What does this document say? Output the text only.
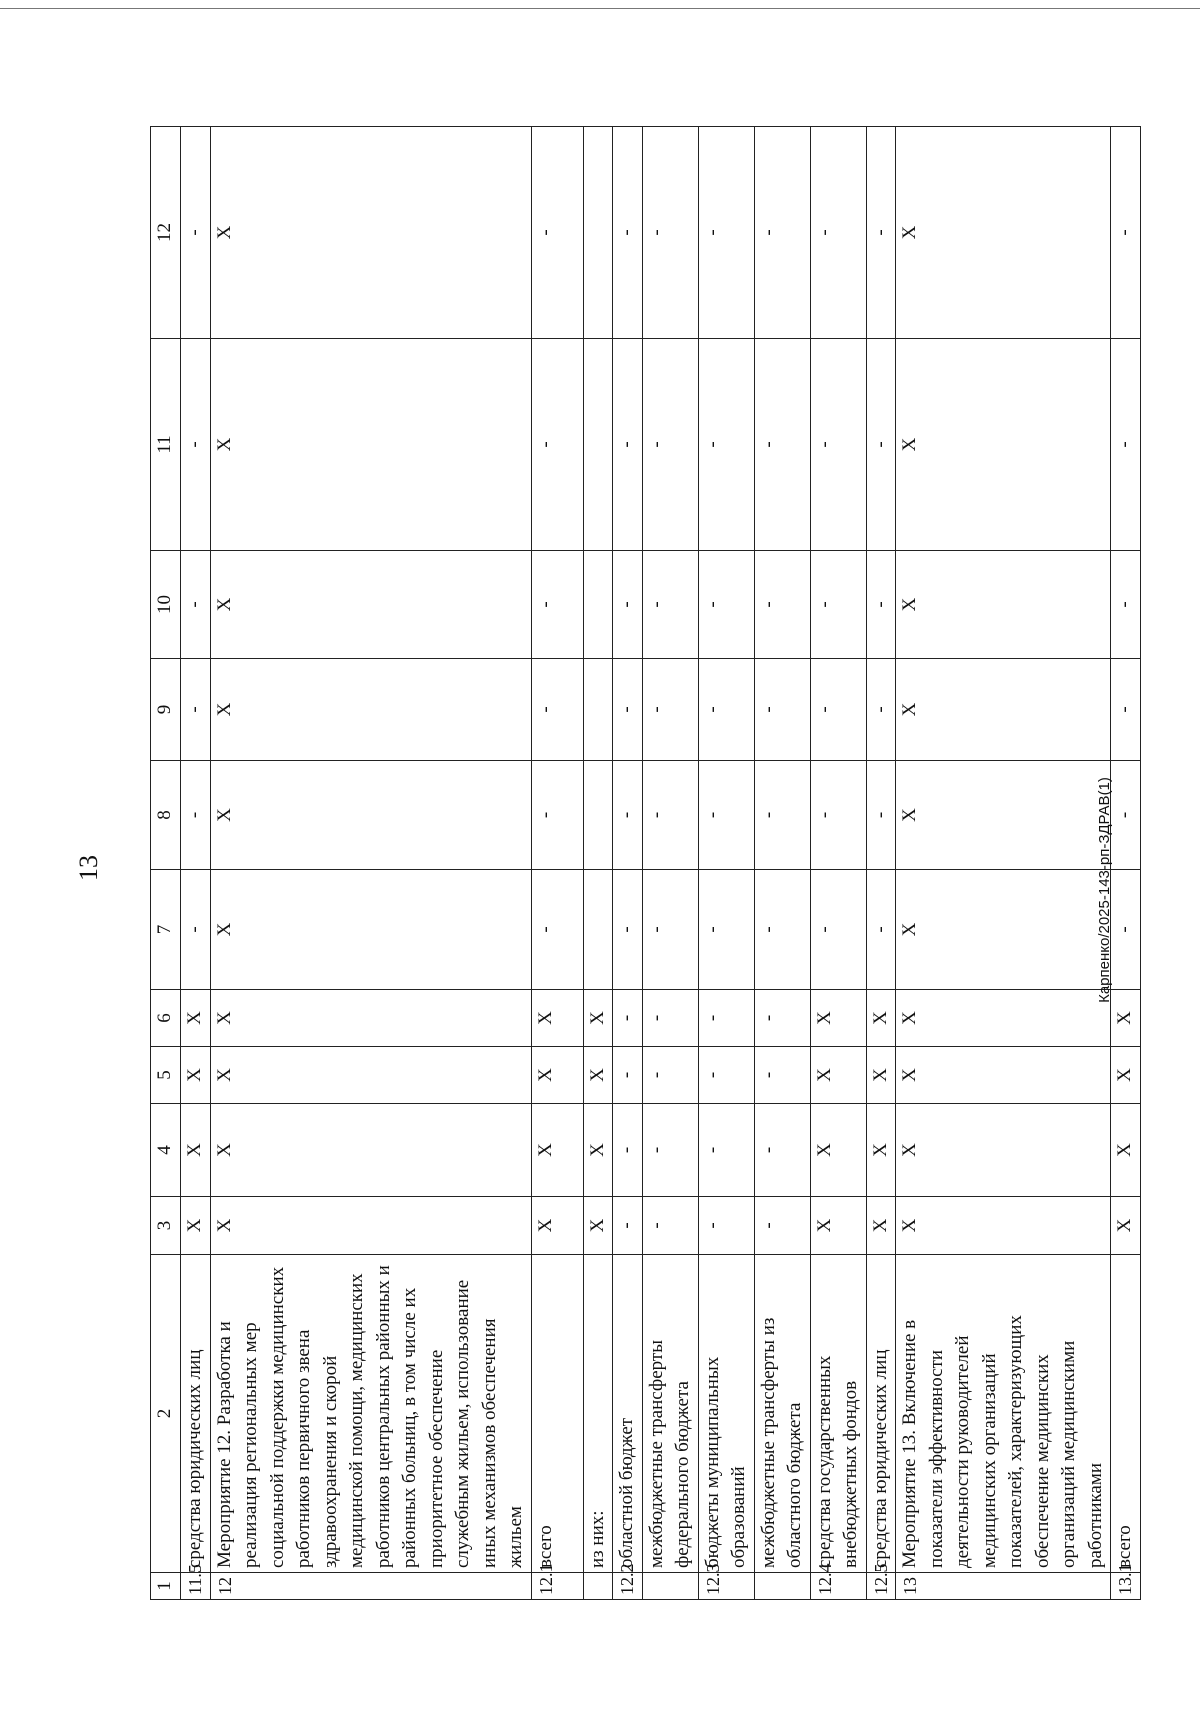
13
1	2	3	4	5	6	7	8	9	10	11	12
11.5	средства юридических лиц	Х	Х	Х	Х	-	-	-	-	-	-
12	Мероприятие 12. Разработка и реализация региональных мер социальной поддержки медицинских работников первичного звена здравоохранения и скорой медицинской помощи, медицинских работников центральных районных и районных больниц, в том числе их приоритетное обеспечение служебным жильем, использование иных механизмов обеспечения жильем	Х	Х	Х	Х	Х	Х	Х	Х	Х	Х
12.1	всего	Х	Х	Х	Х	-	-	-	-	-	-
	из них:	Х	Х	Х	Х						
12.2	областной бюджет	-	-	-	-	-	-	-	-	-	-
	межбюджетные трансферты федерального бюджета	-	-	-	-	-	-	-	-	-	-
12.3	бюджеты муниципальных образований	-	-	-	-	-	-	-	-	-	-
	межбюджетные трансферты из областного бюджета	-	-	-	-	-	-	-	-	-	-
12.4	средства государственных внебюджетных фондов	Х	Х	Х	Х	-	-	-	-	-	-
12.5	средства юридических лиц	Х	Х	Х	Х	-	-	-	-	-	-
13	Мероприятие 13. Включение в показатели эффективности деятельности руководителей медицинских организаций показателей, характеризующих обеспечение медицинских организаций медицинскими работниками	Х	Х	Х	Х	Х	Х	Х	Х	Х	Х
13.1	всего	Х	Х	Х	Х	-	-	-	-	-	-
Карпенко/2025-143-рп-ЗДРАВ(1)
